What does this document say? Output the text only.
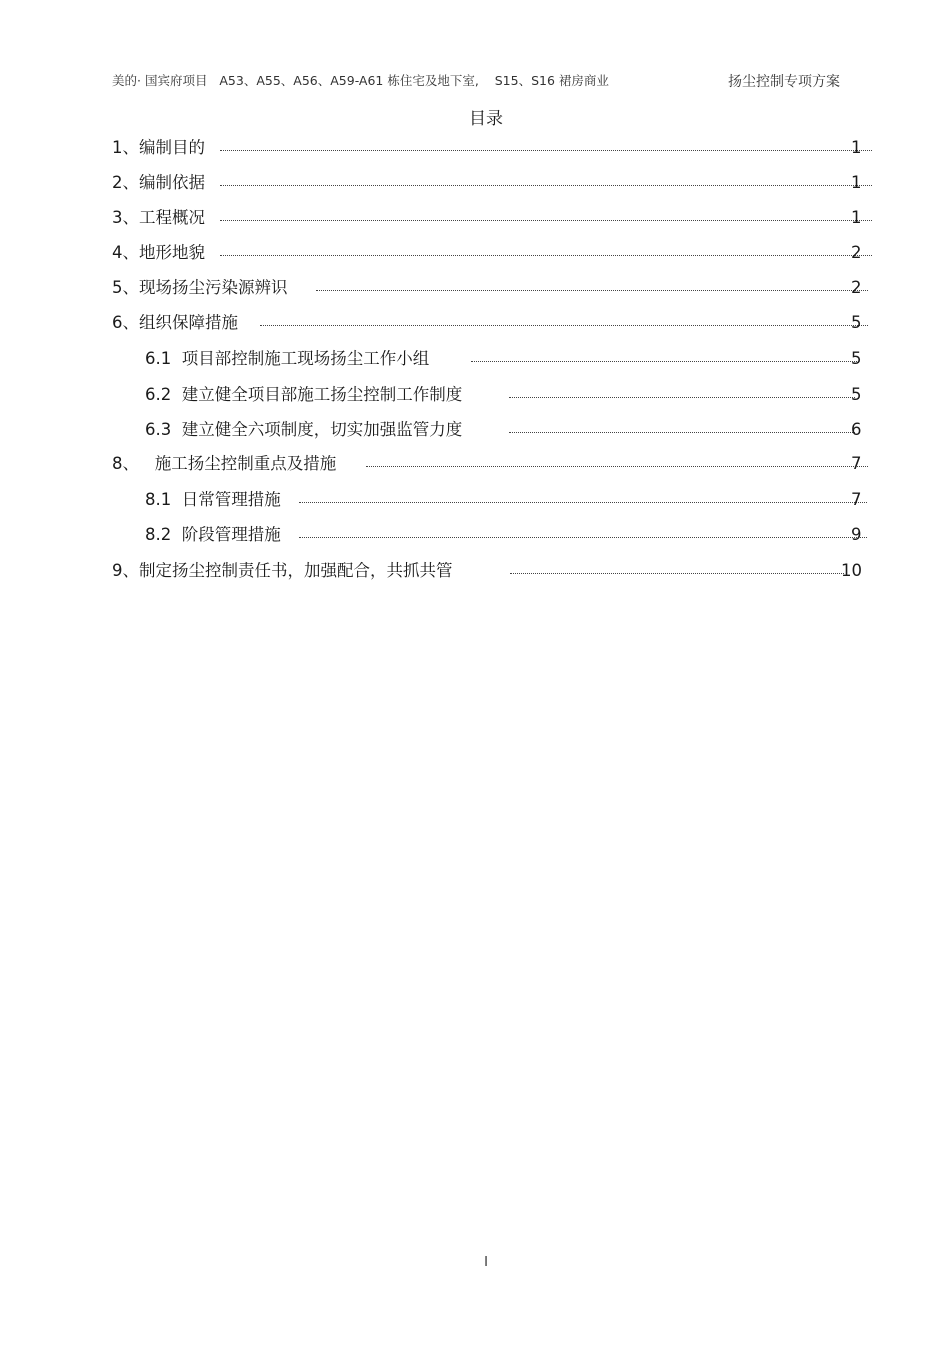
美的· 国宾府项目   A53、A55、A56、A59-A61 栋住宅及地下室,    S15、S16 裙房商业	扬尘控制专项方案
目录
1、编制目的	1
2、编制依据	1
3、工程概况	1
4、地形地貌	2
5、现场扬尘污染源辨识	2
6、组织保障措施	5
6.1  项目部控制施工现场扬尘工作小组	5
6.2  建立健全项目部施工扬尘控制工作制度	5
6.3  建立健全六项制度，切实加强监管力度	6
8、   施工扬尘控制重点及措施	7
8.1  日常管理措施	7
8.2  阶段管理措施	9
9、制定扬尘控制责任书，加强配合，共抓共管	10
I
